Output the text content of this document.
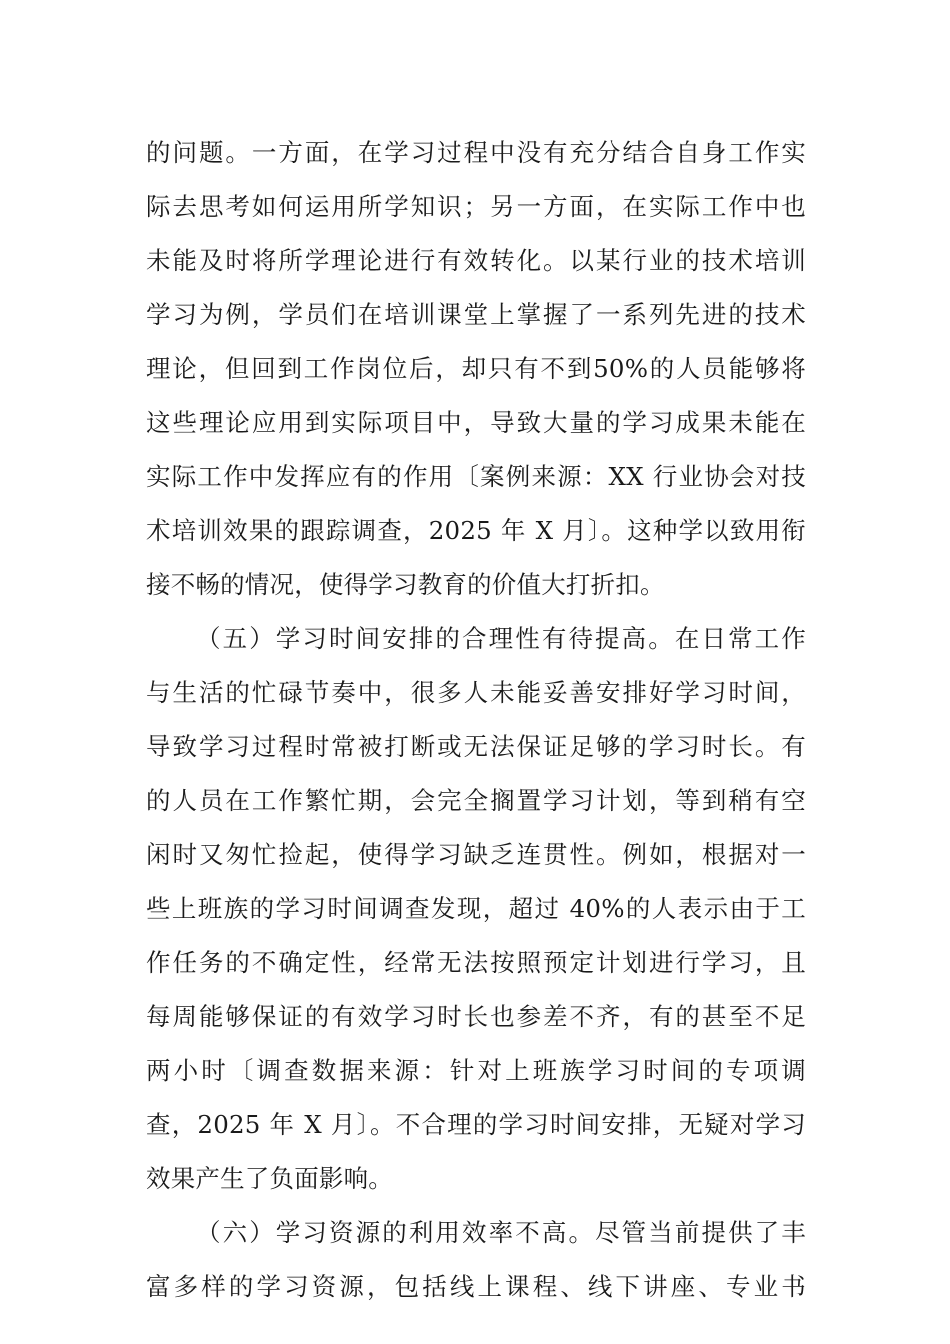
的问题。一方面，在学习过程中没有充分结合自身工作实
际去思考如何运用所学知识；另一方面，在实际工作中也
未能及时将所学理论进行有效转化。以某行业的技术培训
学习为例，学员们在培训课堂上掌握了一系列先进的技术
理论，但回到工作岗位后，却只有不到50%的人员能够将
这些理论应用到实际项目中，导致大量的学习成果未能在
实际工作中发挥应有的作用〔案例来源：XX 行业协会对技
术培训效果的跟踪调查，2025 年 X 月〕。这种学以致用衔
接不畅的情况，使得学习教育的价值大打折扣。
（五）学习时间安排的合理性有待提高。在日常工作
与生活的忙碌节奏中，很多人未能妥善安排好学习时间，
导致学习过程时常被打断或无法保证足够的学习时长。有
的人员在工作繁忙期，会完全搁置学习计划，等到稍有空
闲时又匆忙捡起，使得学习缺乏连贯性。例如，根据对一
些上班族的学习时间调查发现，超过 40%的人表示由于工
作任务的不确定性，经常无法按照预定计划进行学习，且
每周能够保证的有效学习时长也参差不齐，有的甚至不足
两小时〔调查数据来源：针对上班族学习时间的专项调
查，2025 年 X 月〕。不合理的学习时间安排，无疑对学习
效果产生了负面影响。
（六）学习资源的利用效率不高。尽管当前提供了丰
富多样的学习资源，包括线上课程、线下讲座、专业书
